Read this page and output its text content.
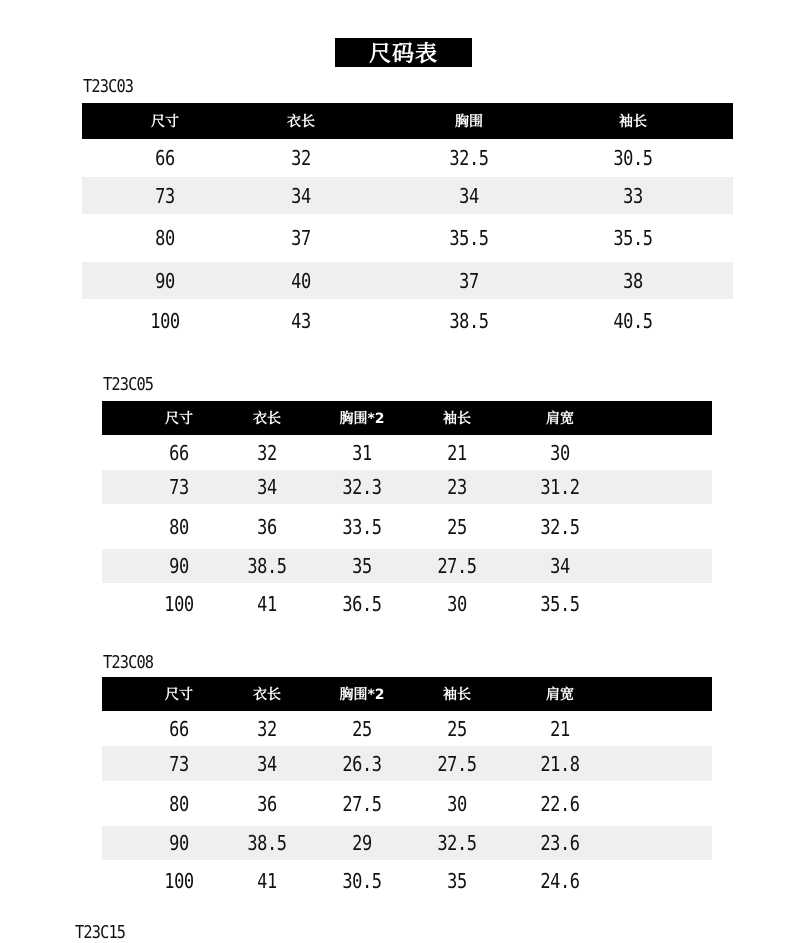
尺码表
T23C03
尺寸	衣长	胸围	袖长
66	32	32.5	30.5
73	34	34	33
80	37	35.5	35.5
90	40	37	38
100	43	38.5	40.5
T23C05
尺寸	衣长	胸围*2	袖长	肩宽
66	32	31	21	30
73	34	32.3	23	31.2
80	36	33.5	25	32.5
90	38.5	35	27.5	34
100	41	36.5	30	35.5
T23C08
尺寸	衣长	胸围*2	袖长	肩宽
66	32	25	25	21
73	34	26.3	27.5	21.8
80	36	27.5	30	22.6
90	38.5	29	32.5	23.6
100	41	30.5	35	24.6
T23C15
